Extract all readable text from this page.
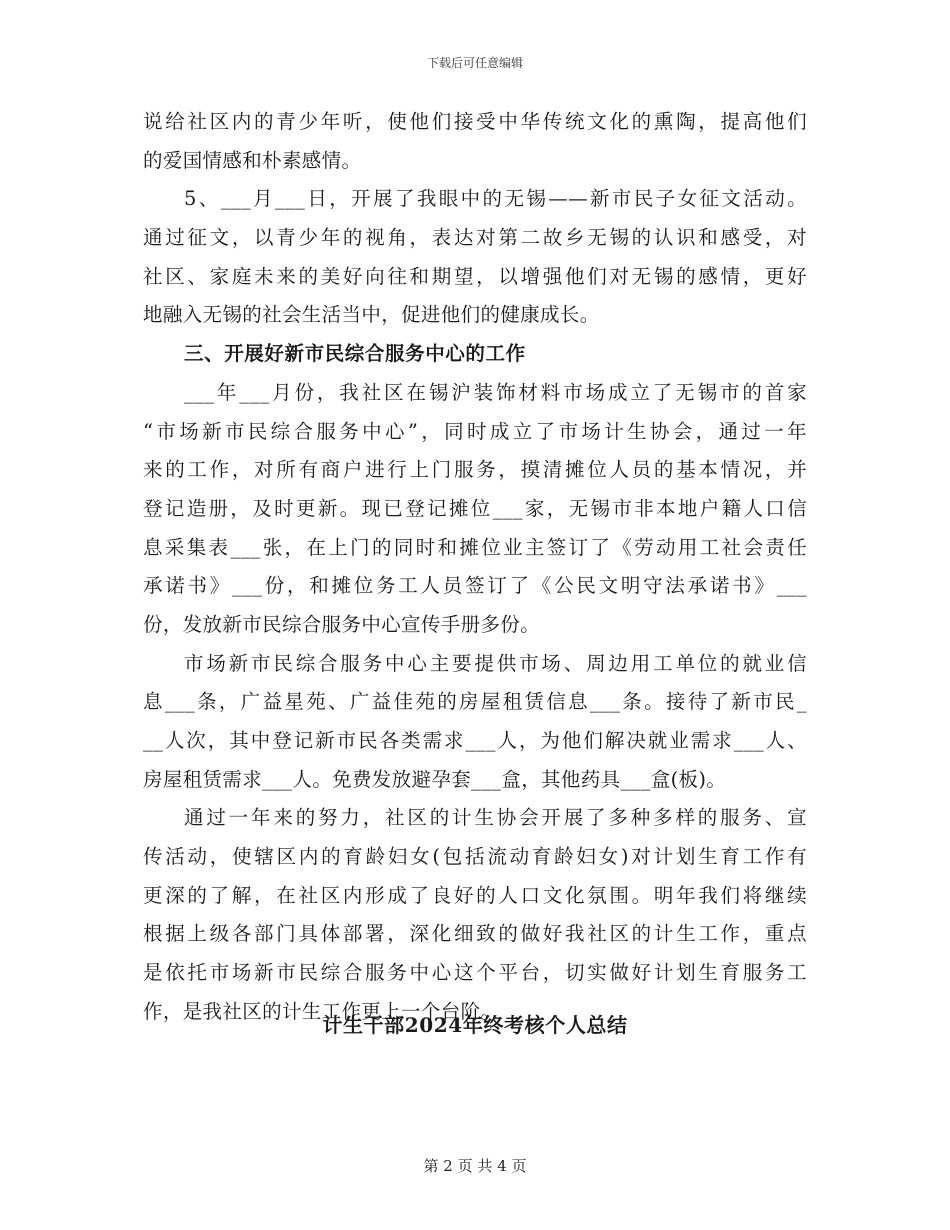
下载后可任意编辑
说给社区内的青少年听，使他们接受中华传统文化的熏陶，提高他们
的爱国情感和朴素感情。
5、___月___日，开展了我眼中的无锡——新市民子女征文活动。
通过征文，以青少年的视角，表达对第二故乡无锡的认识和感受，对
社区、家庭未来的美好向往和期望，以增强他们对无锡的感情，更好
地融入无锡的社会生活当中，促进他们的健康成长。
三、开展好新市民综合服务中心的工作
___年___月份，我社区在锡沪装饰材料市场成立了无锡市的首家
“市场新市民综合服务中心”，同时成立了市场计生协会，通过一年
来的工作，对所有商户进行上门服务，摸清摊位人员的基本情况，并
登记造册，及时更新。现已登记摊位___家，无锡市非本地户籍人口信
息采集表___张，在上门的同时和摊位业主签订了《劳动用工社会责任
承诺书》___份，和摊位务工人员签订了《公民文明守法承诺书》___
份，发放新市民综合服务中心宣传手册多份。
市场新市民综合服务中心主要提供市场、周边用工单位的就业信
息___条，广益星苑、广益佳苑的房屋租赁信息___条。接待了新市民_
__人次，其中登记新市民各类需求___人，为他们解决就业需求___人、
房屋租赁需求___人。免费发放避孕套___盒，其他药具___盒(板)。
通过一年来的努力，社区的计生协会开展了多种多样的服务、宣
传活动，使辖区内的育龄妇女(包括流动育龄妇女)对计划生育工作有
更深的了解，在社区内形成了良好的人口文化氛围。明年我们将继续
根据上级各部门具体部署，深化细致的做好我社区的计生工作，重点
是依托市场新市民综合服务中心这个平台，切实做好计划生育服务工
作，是我社区的计生工作更上一个台阶。
计生干部2024年终考核个人总结
第 2 页 共 4 页
